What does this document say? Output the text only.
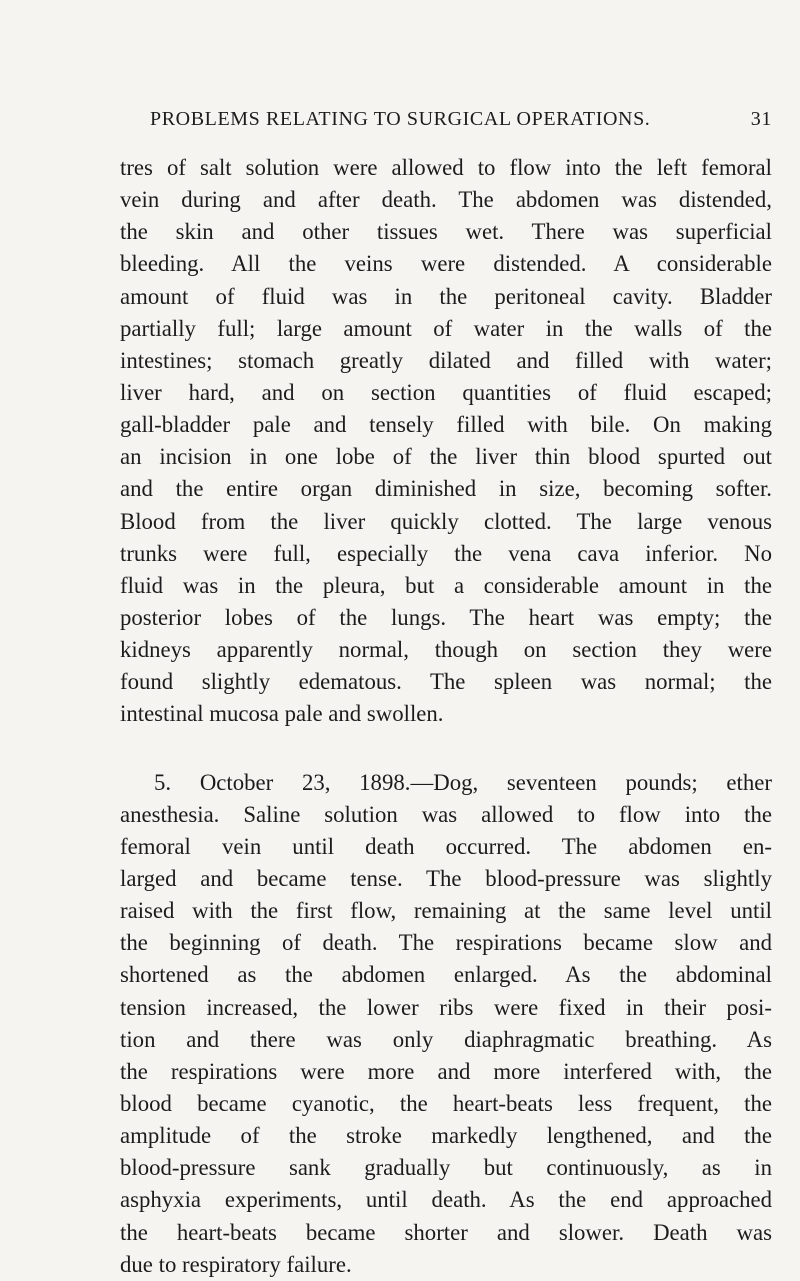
PROBLEMS RELATING TO SURGICAL OPERATIONS.	31
tres of salt solution were allowed to flow into the left femoral
vein during and after death. The abdomen was distended,
the skin and other tissues wet. There was superficial
bleeding. All the veins were distended. A considerable
amount of fluid was in the peritoneal cavity. Bladder
partially full; large amount of water in the walls of the
intestines; stomach greatly dilated and filled with water;
liver hard, and on section quantities of fluid escaped;
gall-bladder pale and tensely filled with bile. On making
an incision in one lobe of the liver thin blood spurted out
and the entire organ diminished in size, becoming softer.
Blood from the liver quickly clotted. The large venous
trunks were full, especially the vena cava inferior. No
fluid was in the pleura, but a considerable amount in the
posterior lobes of the lungs. The heart was empty; the
kidneys apparently normal, though on section they were
found slightly edematous. The spleen was normal; the
intestinal mucosa pale and swollen.
5. October 23, 1898.—Dog, seventeen pounds; ether
anesthesia. Saline solution was allowed to flow into the
femoral vein until death occurred. The abdomen en-
larged and became tense. The blood-pressure was slightly
raised with the first flow, remaining at the same level until
the beginning of death. The respirations became slow and
shortened as the abdomen enlarged. As the abdominal
tension increased, the lower ribs were fixed in their posi-
tion and there was only diaphragmatic breathing. As
the respirations were more and more interfered with, the
blood became cyanotic, the heart-beats less frequent, the
amplitude of the stroke markedly lengthened, and the
blood-pressure sank gradually but continuously, as in
asphyxia experiments, until death. As the end approached
the heart-beats became shorter and slower. Death was
due to respiratory failure.
